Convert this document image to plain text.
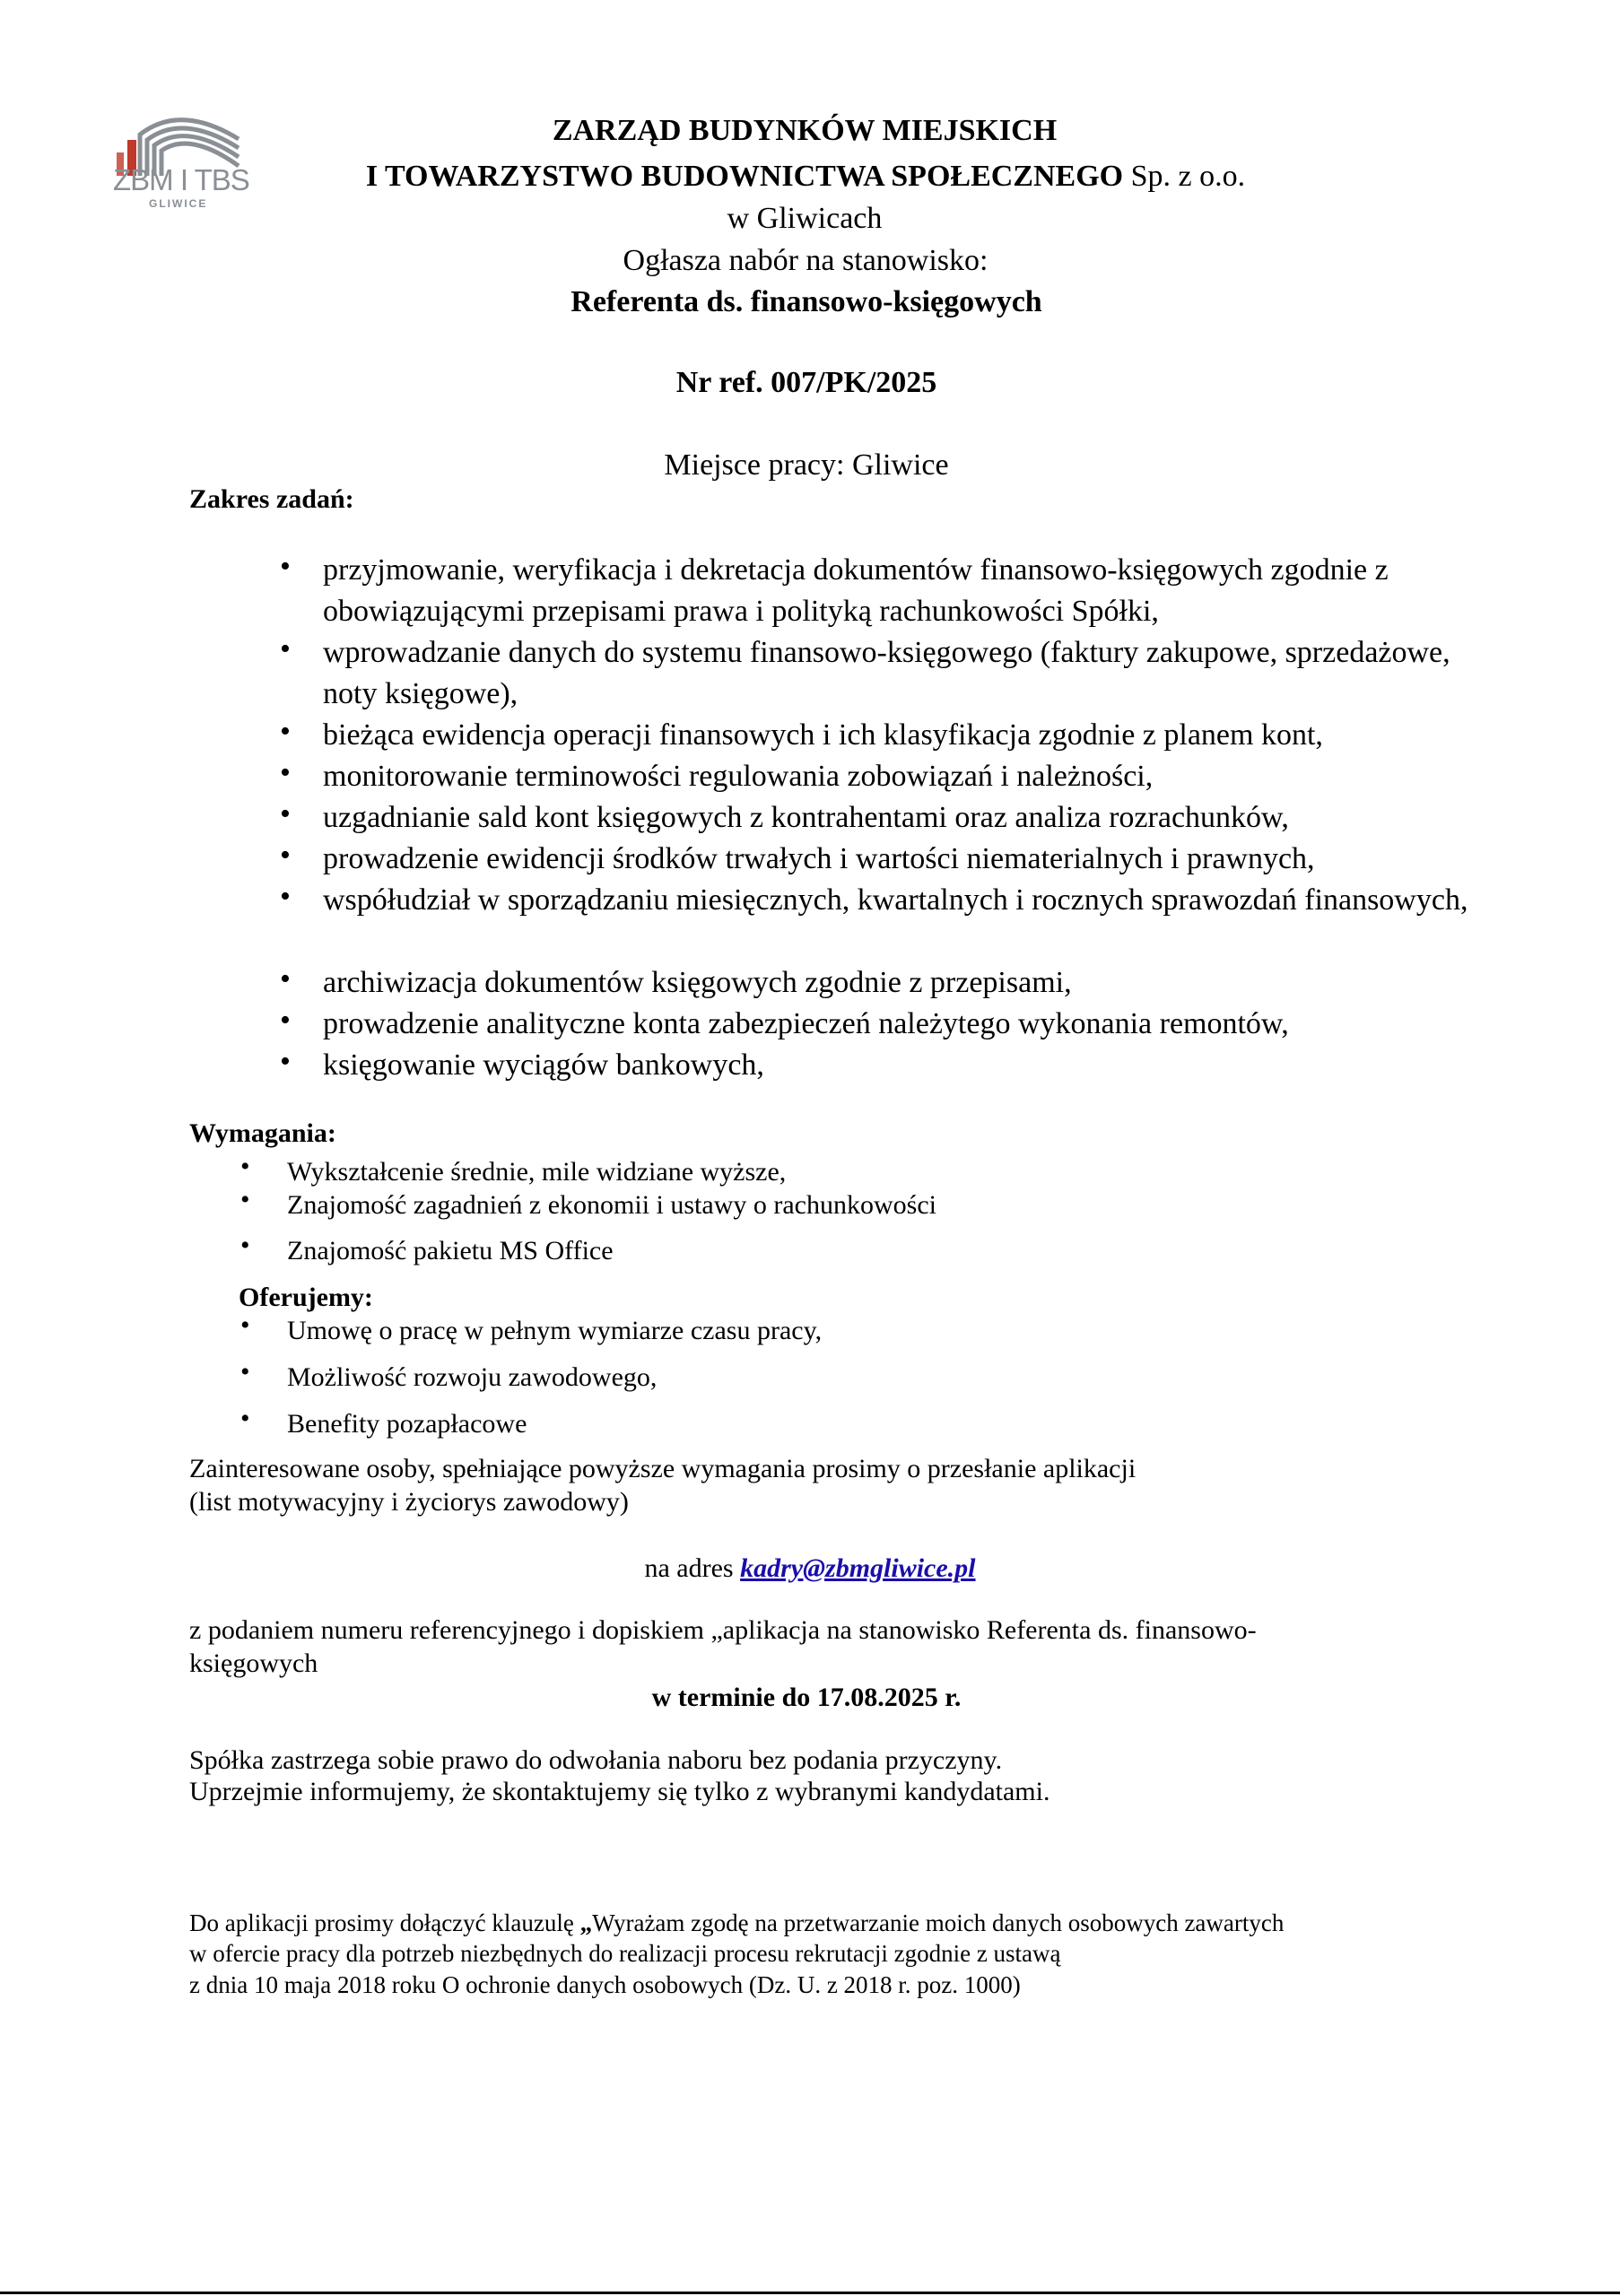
ZBM I TBS
GLIWICE
ZARZĄD BUDYNKÓW MIEJSKICH
I TOWARZYSTWO BUDOWNICTWA SPOŁECZNEGO Sp. z o.o.
w Gliwicach
Ogłasza nabór na stanowisko:
Referenta ds. finansowo-księgowych
Nr ref. 007/PK/2025
Miejsce pracy: Gliwice
Zakres zadań:
• przyjmowanie, weryfikacja i dekretacja dokumentów finansowo-księgowych zgodnie z obowiązującymi przepisami prawa i polityką rachunkowości Spółki,
• wprowadzanie danych do systemu finansowo-księgowego (faktury zakupowe, sprzedażowe, noty księgowe),
• bieżąca ewidencja operacji finansowych i ich klasyfikacja zgodnie z planem kont,
• monitorowanie terminowości regulowania zobowiązań i należności,
• uzgadnianie sald kont księgowych z kontrahentami oraz analiza rozrachunków,
• prowadzenie ewidencji środków trwałych i wartości niematerialnych i prawnych,
• współudział w sporządzaniu miesięcznych, kwartalnych i rocznych sprawozdań finansowych,
• archiwizacja dokumentów księgowych zgodnie z przepisami,
• prowadzenie analityczne konta zabezpieczeń należytego wykonania remontów,
• księgowanie wyciągów bankowych,
Wymagania:
• Wykształcenie średnie, mile widziane wyższe,
• Znajomość zagadnień z ekonomii i ustawy o rachunkowości
• Znajomość pakietu MS Office
Oferujemy:
• Umowę o pracę w pełnym wymiarze czasu pracy,
• Możliwość rozwoju zawodowego,
• Benefity pozapłacowe
Zainteresowane osoby, spełniające powyższe wymagania prosimy o przesłanie aplikacji
(list motywacyjny i życiorys zawodowy)
na adres kadry@zbmgliwice.pl
z podaniem numeru referencyjnego i dopiskiem „aplikacja na stanowisko Referenta ds. finansowo-
księgowych
w terminie do 17.08.2025 r.
Spółka zastrzega sobie prawo do odwołania naboru bez podania przyczyny.
Uprzejmie informujemy, że skontaktujemy się tylko z wybranymi kandydatami.
Do aplikacji prosimy dołączyć klauzulę „Wyrażam zgodę na przetwarzanie moich danych osobowych zawartych
w ofercie pracy dla potrzeb niezbędnych do realizacji procesu rekrutacji zgodnie z ustawą
z dnia 10 maja 2018 roku O ochronie danych osobowych (Dz. U. z 2018 r. poz. 1000)
